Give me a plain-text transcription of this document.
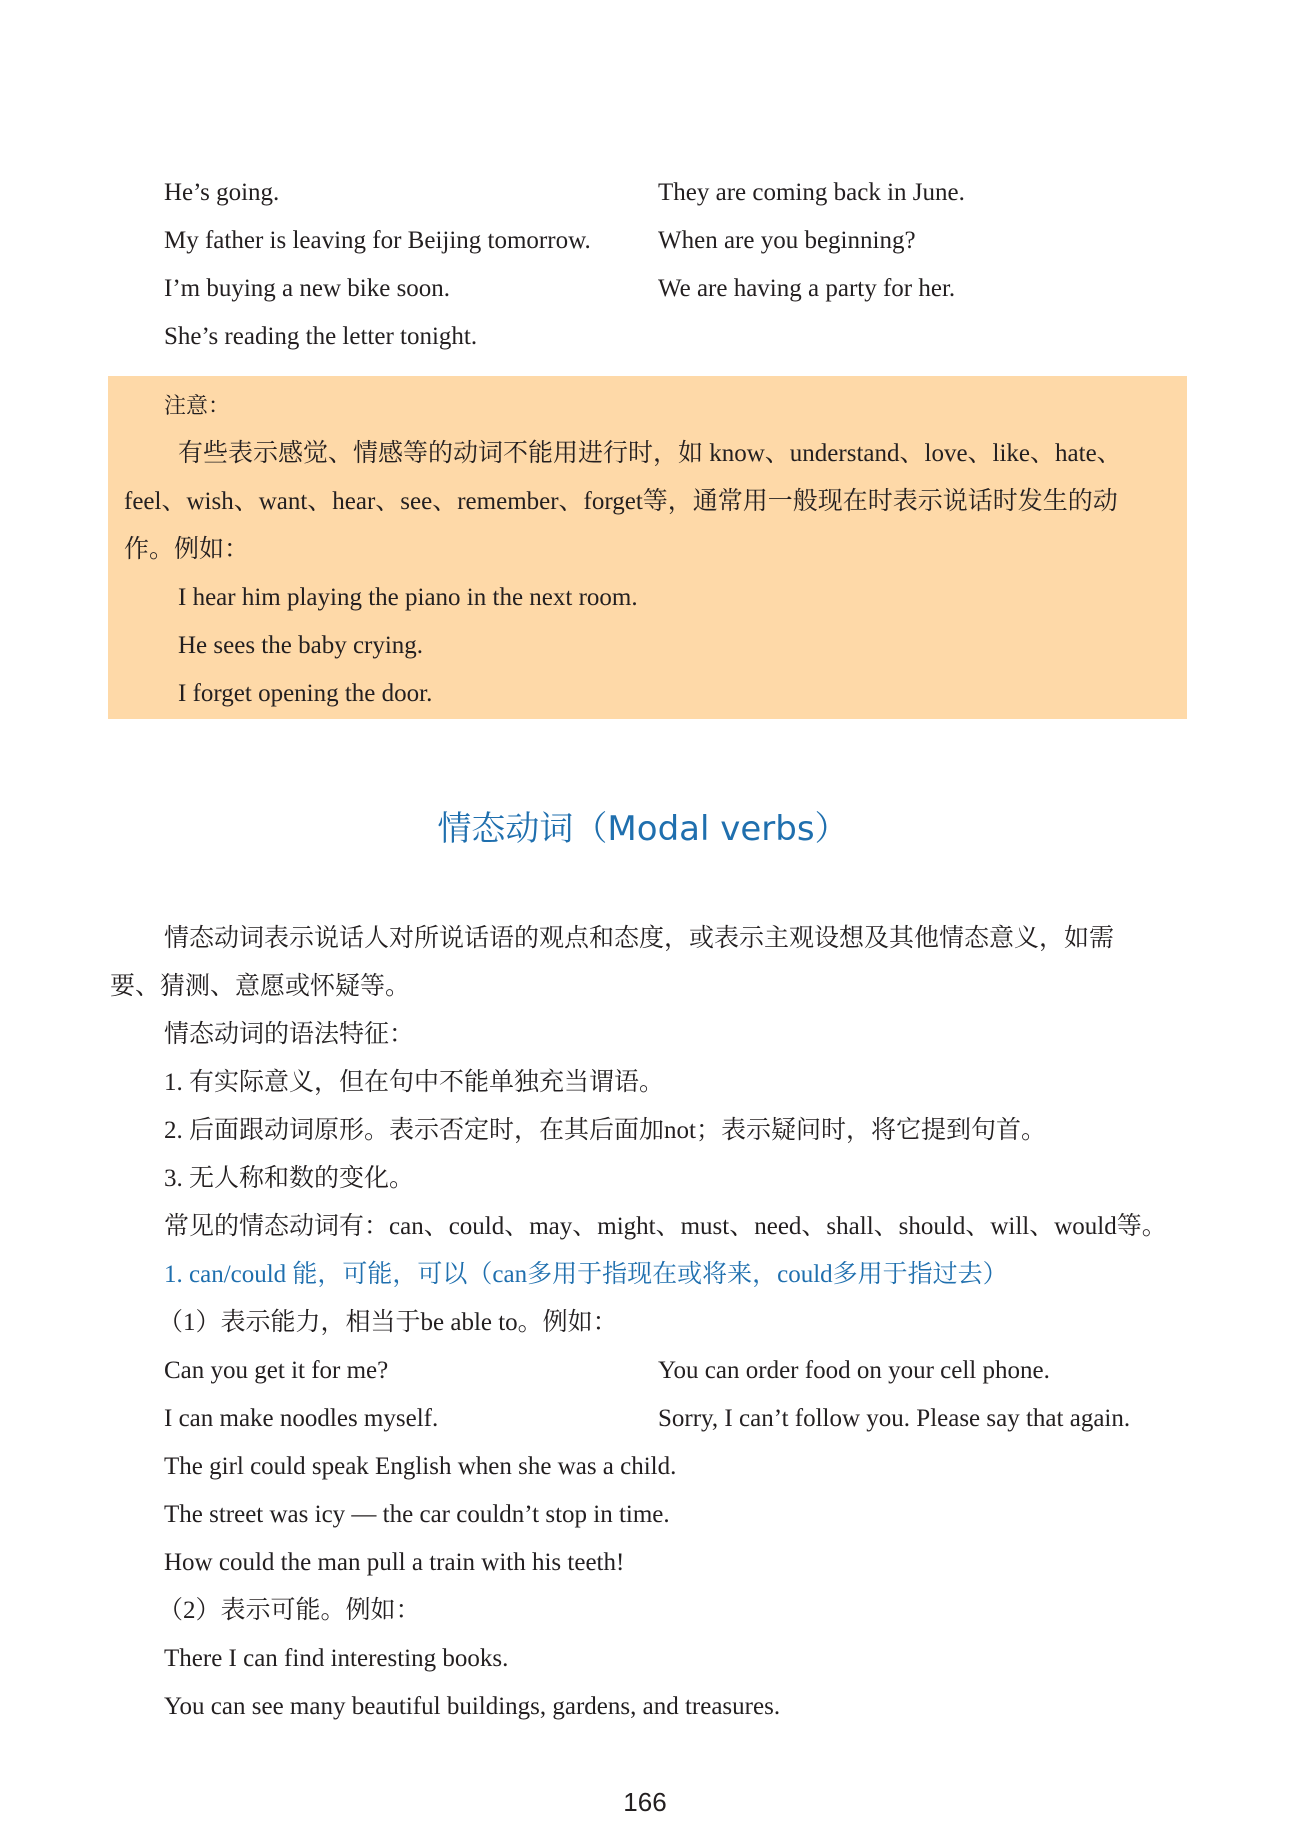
He’s going.
My father is leaving for Beijing tomorrow.
I’m buying a new bike soon.
She’s reading the letter tonight.
They are coming back in June.
When are you beginning?
We are having a party for her.
注意：
有些表示感觉、情感等的动词不能用进行时，如 know、understand、love、like、hate、
feel、wish、want、hear、see、remember、forget等，通常用一般现在时表示说话时发生的动
作。例如：
I hear him playing the piano in the next room.
He sees the baby crying.
I forget opening the door.
情态动词（Modal verbs）
情态动词表示说话人对所说话语的观点和态度，或表示主观设想及其他情态意义，如需
要、猜测、意愿或怀疑等。
情态动词的语法特征：
1. 有实际意义，但在句中不能单独充当谓语。
2. 后面跟动词原形。表示否定时，在其后面加not；表示疑问时，将它提到句首。
3. 无人称和数的变化。
常见的情态动词有：can、could、may、might、must、need、shall、should、will、would等。
1. can/could 能，可能，可以（can多用于指现在或将来，could多用于指过去）
（1）表示能力，相当于be able to。例如：
Can you get it for me?
I can make noodles myself.
You can order food on your cell phone.
Sorry, I can’t follow you. Please say that again.
The girl could speak English when she was a child.
The street was icy — the car couldn’t stop in time.
How could the man pull a train with his teeth!
（2）表示可能。例如：
There I can find interesting books.
You can see many beautiful buildings, gardens, and treasures.
166
